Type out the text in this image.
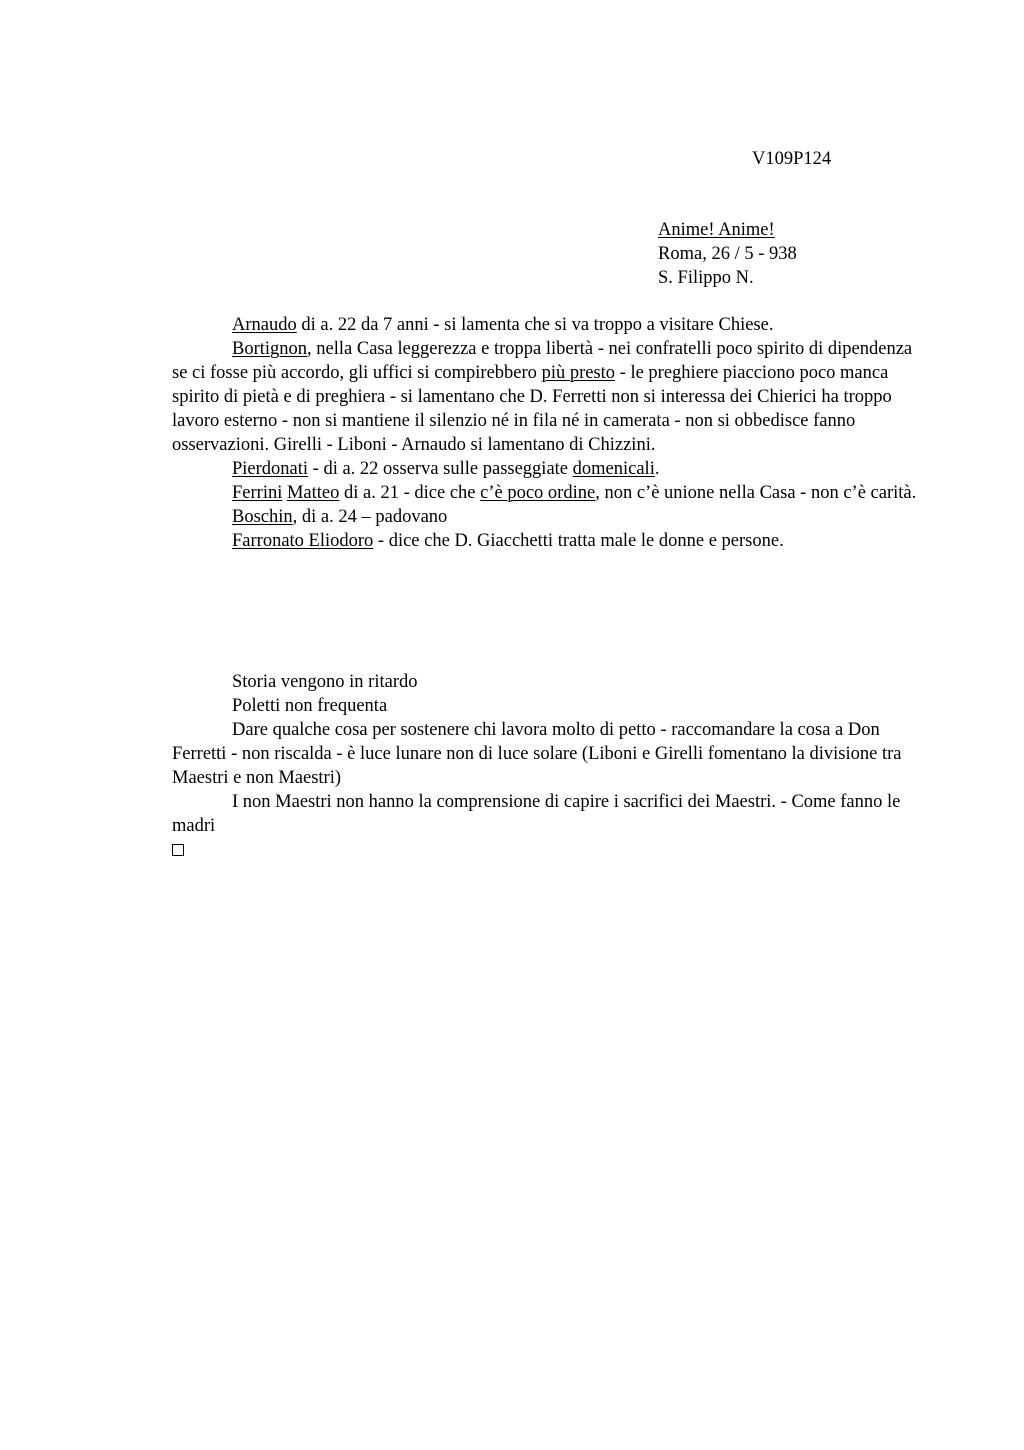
V109P124
Anime! Anime!
Roma, 26 / 5 - 938
S. Filippo N.

Arnaudo di a. 22 da 7 anni - si lamenta che si va troppo a visitare Chiese.

Bortignon, nella Casa leggerezza e troppa libertà - nei confratelli poco spirito di dipendenza se ci fosse più accordo, gli uffici si compirebbero più presto - le preghiere piacciono poco manca spirito di pietà e di preghiera - si lamentano che D. Ferretti non si interessa dei Chierici ha troppo lavoro esterno - non si mantiene il silenzio né in fila né in camerata - non si obbedisce fanno osservazioni. Girelli - Liboni - Arnaudo si lamentano di Chizzini.

Pierdonati - di a. 22 osserva sulle passeggiate domenicali.

Ferrini Matteo di a. 21 - dice che c’è poco ordine, non c’è unione nella Casa - non c’è carità.

Boschin, di a. 24 – padovano

Farronato Eliodoro - dice che D. Giacchetti tratta male le donne e persone.

Storia vengono in ritardo

Poletti non frequenta

Dare qualche cosa per sostenere chi lavora molto di petto - raccomandare la cosa a Don Ferretti - non riscalda - è luce lunare non di luce solare (Liboni e Girelli fomentano la divisione tra Maestri e non Maestri)

I non Maestri non hanno la comprensione di capire i sacrifici dei Maestri. - Come fanno le madri
